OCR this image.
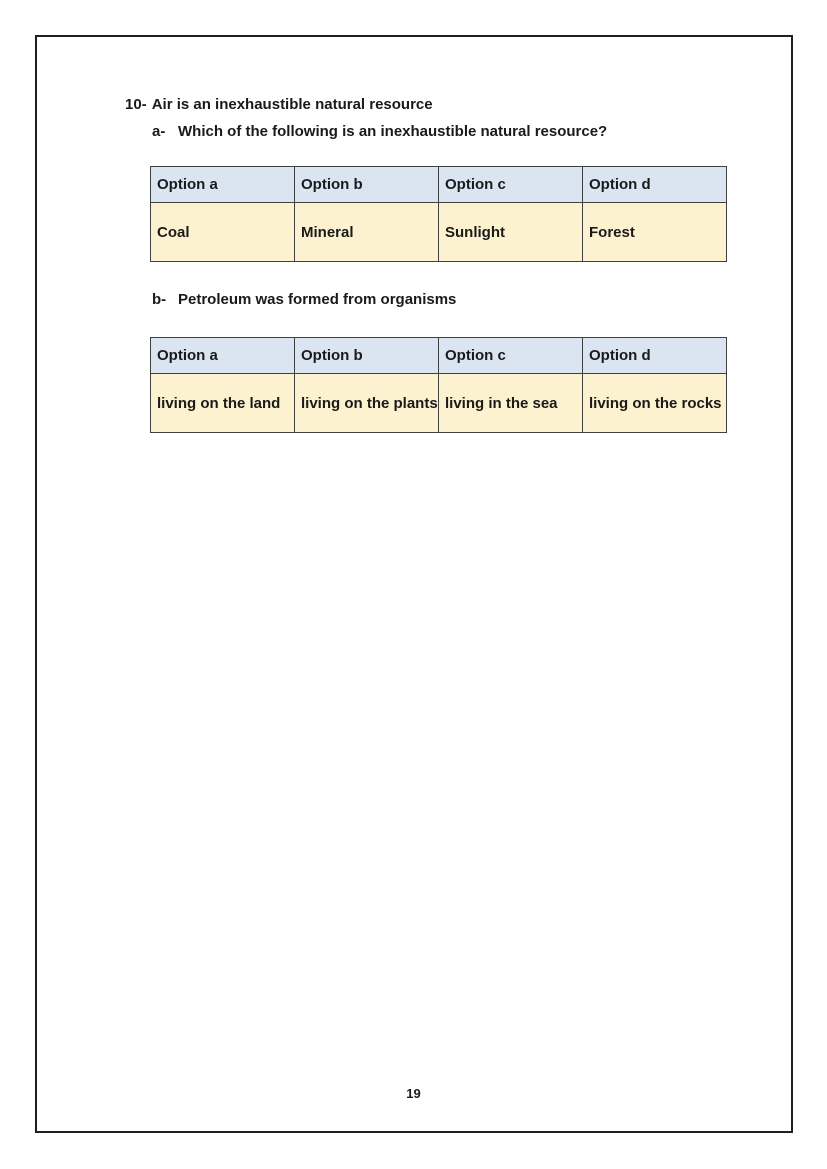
10- Air is an inexhaustible natural resource
a- Which of the following is an inexhaustible natural resource?
Option a	Option b	Option c	Option d
Coal	Mineral	Sunlight	Forest
b- Petroleum was formed from organisms
Option a	Option b	Option c	Option d
living on the land	living on the plants	living in the sea	living on the rocks
19
